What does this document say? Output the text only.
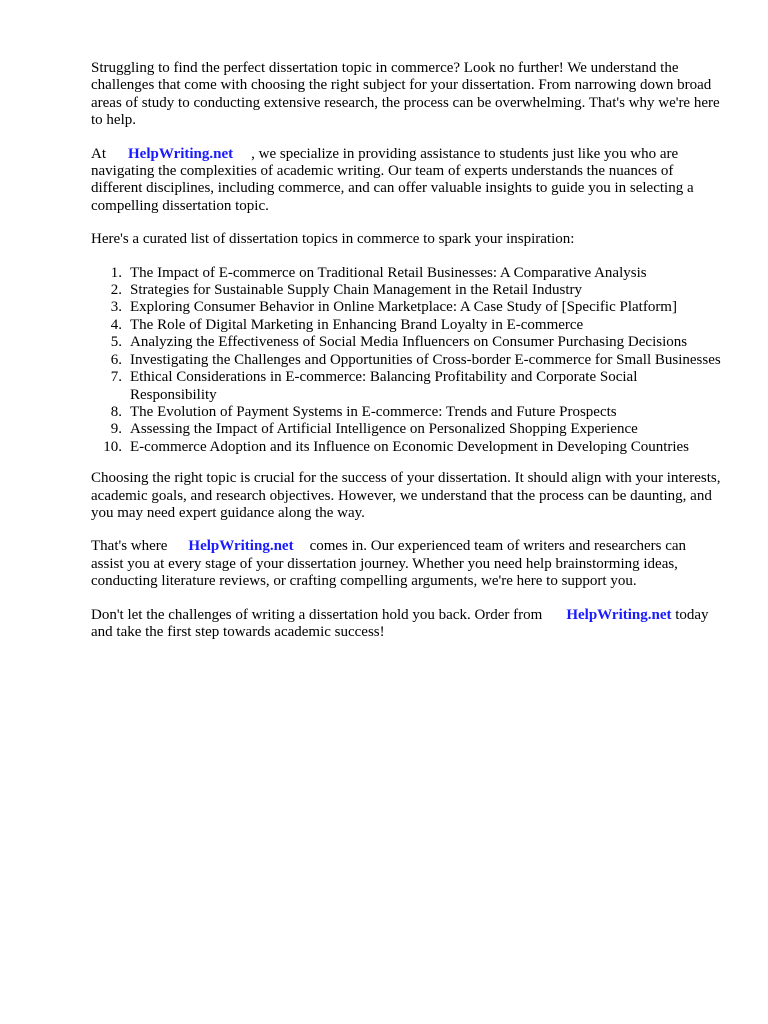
Struggling to find the perfect dissertation topic in commerce? Look no further! We understand the challenges that come with choosing the right subject for your dissertation. From narrowing down broad areas of study to conducting extensive research, the process can be overwhelming. That's why we're here to help.

At HelpWriting.net , we specialize in providing assistance to students just like you who are navigating the complexities of academic writing. Our team of experts understands the nuances of different disciplines, including commerce, and can offer valuable insights to guide you in selecting a compelling dissertation topic.

Here's a curated list of dissertation topics in commerce to spark your inspiration:

1. The Impact of E-commerce on Traditional Retail Businesses: A Comparative Analysis
2. Strategies for Sustainable Supply Chain Management in the Retail Industry
3. Exploring Consumer Behavior in Online Marketplace: A Case Study of [Specific Platform]
4. The Role of Digital Marketing in Enhancing Brand Loyalty in E-commerce
5. Analyzing the Effectiveness of Social Media Influencers on Consumer Purchasing Decisions
6. Investigating the Challenges and Opportunities of Cross-border E-commerce for Small Businesses
7. Ethical Considerations in E-commerce: Balancing Profitability and Corporate Social Responsibility
8. The Evolution of Payment Systems in E-commerce: Trends and Future Prospects
9. Assessing the Impact of Artificial Intelligence on Personalized Shopping Experience
10. E-commerce Adoption and its Influence on Economic Development in Developing Countries

Choosing the right topic is crucial for the success of your dissertation. It should align with your interests, academic goals, and research objectives. However, we understand that the process can be daunting, and you may need expert guidance along the way.

That's where HelpWriting.net comes in. Our experienced team of writers and researchers can assist you at every stage of your dissertation journey. Whether you need help brainstorming ideas, conducting literature reviews, or crafting compelling arguments, we're here to support you.

Don't let the challenges of writing a dissertation hold you back. Order from HelpWriting.net today and take the first step towards academic success!
